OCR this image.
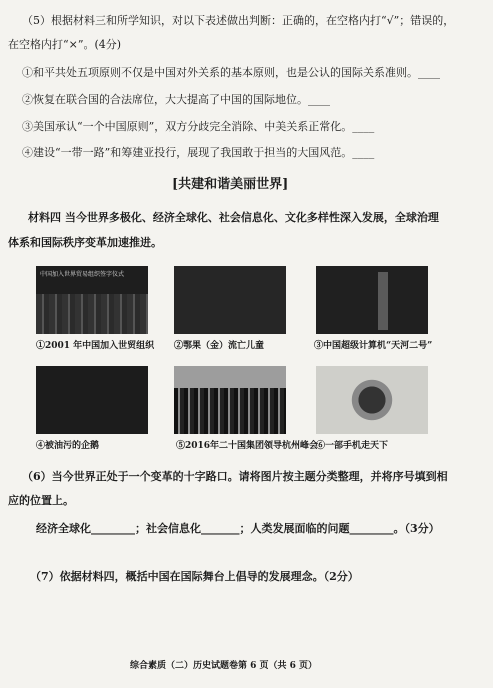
（5）根据材料三和所学知识，对以下表述做出判断：正确的，在空格内打“√”；错误的，
在空格内打“×”。(4分)
①和平共处五项原则不仅是中国对外关系的基本原则，也是公认的国际关系准则。____
②恢复在联合国的合法席位，大大提高了中国的国际地位。____
③美国承认“一个中国原则”，双方分歧完全消除、中美关系正常化。____
④建设“一带一路”和筹建亚投行，展现了我国敢于担当的大国风范。____
[共建和谐美丽世界]
材料四 当今世界多极化、经济全球化、社会信息化、文化多样性深入发展，全球治理
体系和国际秩序变革加速推进。
中国加入世界贸易组织签字仪式
①2001 年中国加入世贸组织 ②鄂果（金）流亡儿童	③中国超级计算机“天河二号”
④被油污的企鹅	⑤2016年二十国集团领导杭州峰会
⑥一部手机走天下
（6）当今世界正处于一个变革的十字路口。请将图片按主题分类整理，并将序号填到相
应的位置上。
经济全球化________；社会信息化_______；人类发展面临的问题________。（3分）
（7）依据材料四，概括中国在国际舞台上倡导的发展理念。（2分）
综合素质（二）历史试题卷第 6 页（共 6 页）
